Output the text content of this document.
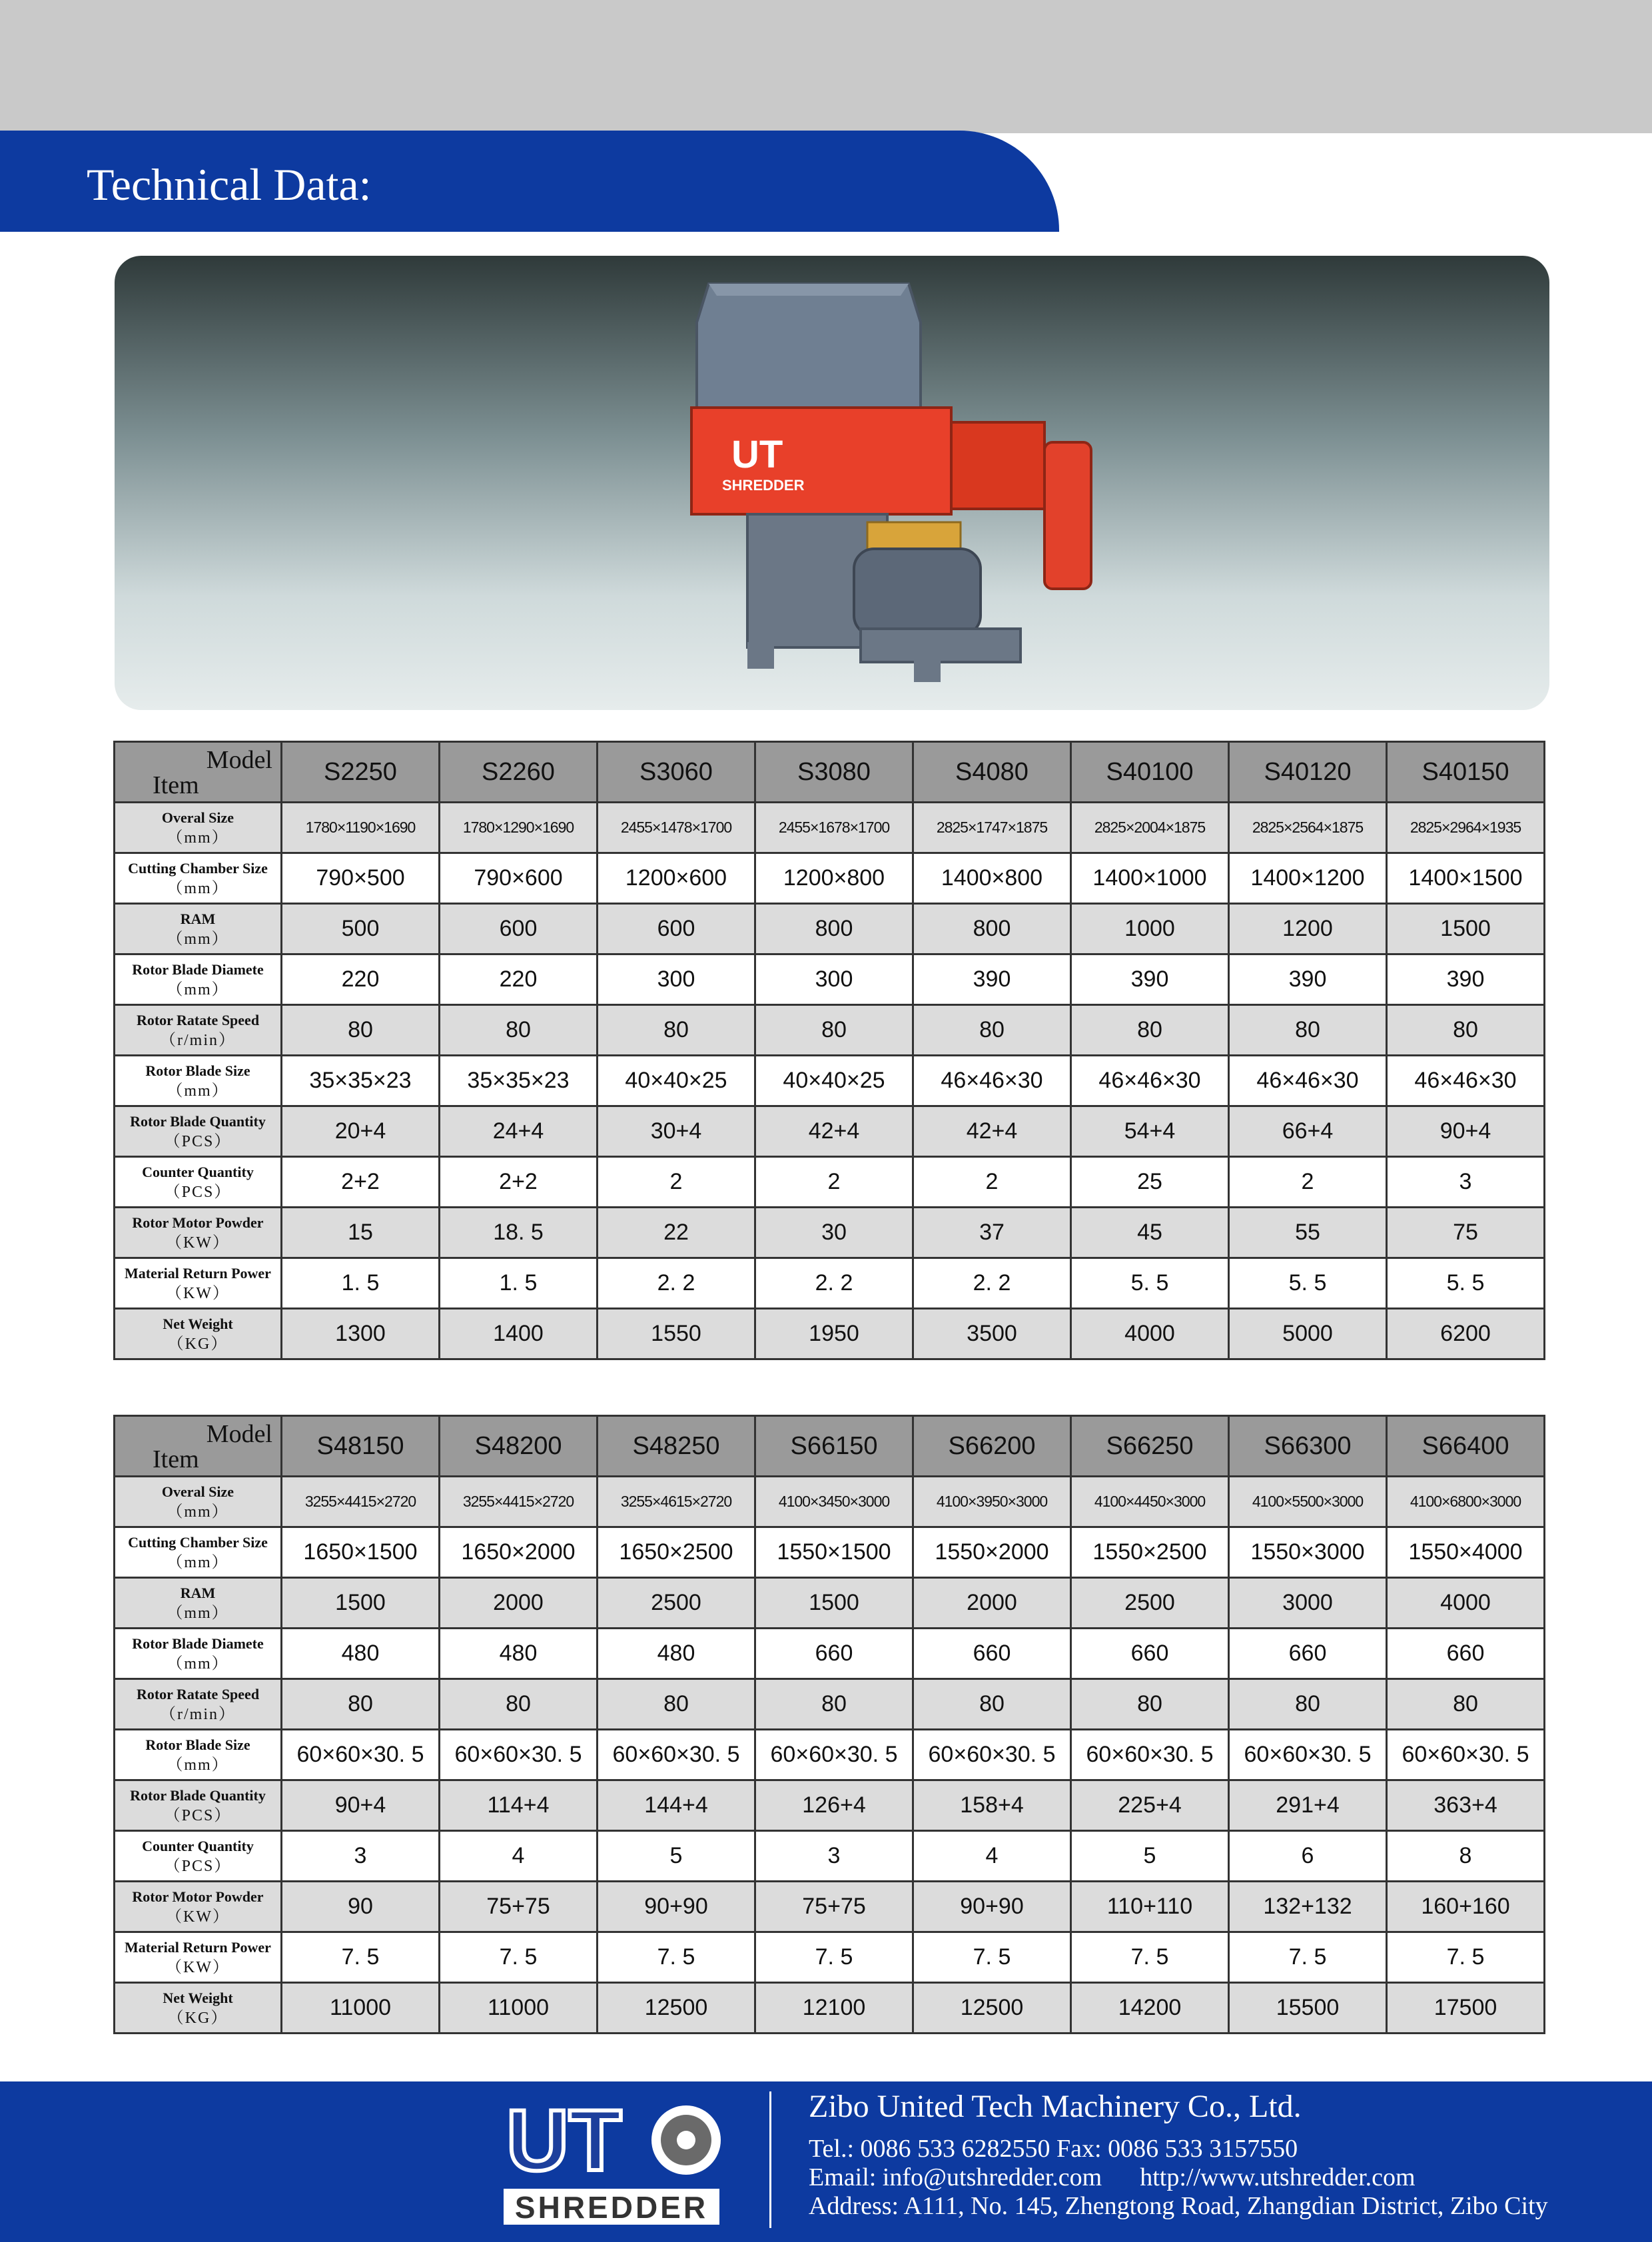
Technical Data:
UT
SHREDDER
Model
Item	S2250	S2260	S3060	S3080	S4080	S40100	S40120	S40150

Overal Size
（mm）	1780×1190×1690	1780×1290×1690	2455×1478×1700	2455×1678×1700	2825×1747×1875	2825×2004×1875	2825×2564×1875	2825×2964×1935

Cutting Chamber Size
（mm）	790×500	790×600	1200×600	1200×800	1400×800	1400×1000	1400×1200	1400×1500

RAM
（mm）	500	600	600	800	800	1000	1200	1500

Rotor Blade Diamete
（mm）	220	220	300	300	390	390	390	390

Rotor Ratate Speed
（r/min）	80	80	80	80	80	80	80	80

Rotor Blade Size
（mm）	35×35×23	35×35×23	40×40×25	40×40×25	46×46×30	46×46×30	46×46×30	46×46×30

Rotor Blade Quantity
（PCS）	20+4	24+4	30+4	42+4	42+4	54+4	66+4	90+4

Counter Quantity
（PCS）	2+2	2+2	2	2	2	25	2	3

Rotor Motor Powder
（KW）	15	18. 5	22	30	37	45	55	75

Material Return Power
（KW）	1. 5	1. 5	2. 2	2. 2	2. 2	5. 5	5. 5	5. 5

Net Weight
（KG）	1300	1400	1550	1950	3500	4000	5000	6200
Model
Item	S48150	S48200	S48250	S66150	S66200	S66250	S66300	S66400

Overal Size
（mm）	3255×4415×2720	3255×4415×2720	3255×4615×2720	4100×3450×3000	4100×3950×3000	4100×4450×3000	4100×5500×3000	4100×6800×3000

Cutting Chamber Size
（mm）	1650×1500	1650×2000	1650×2500	1550×1500	1550×2000	1550×2500	1550×3000	1550×4000

RAM
（mm）	1500	2000	2500	1500	2000	2500	3000	4000

Rotor Blade Diamete
（mm）	480	480	480	660	660	660	660	660

Rotor Ratate Speed
（r/min）	80	80	80	80	80	80	80	80

Rotor Blade Size
（mm）	60×60×30. 5	60×60×30. 5	60×60×30. 5	60×60×30. 5	60×60×30. 5	60×60×30. 5	60×60×30. 5	60×60×30. 5

Rotor Blade Quantity
（PCS）	90+4	114+4	144+4	126+4	158+4	225+4	291+4	363+4

Counter Quantity
（PCS）	3	4	5	3	4	5	6	8

Rotor Motor Powder
（KW）	90	75+75	90+90	75+75	90+90	110+110	132+132	160+160

Material Return Power
（KW）	7. 5	7. 5	7. 5	7. 5	7. 5	7. 5	7. 5	7. 5

Net Weight
（KG）	11000	11000	12500	12100	12500	14200	15500	17500
UT
SHREDDER
Zibo United Tech Machinery Co., Ltd.
Tel.: 0086 533 6282550 Fax: 0086 533 3157550
Email: info@utshredder.com      http://www.utshredder.com
Address: A111, No. 145, Zhengtong Road, Zhangdian District, Zibo City
